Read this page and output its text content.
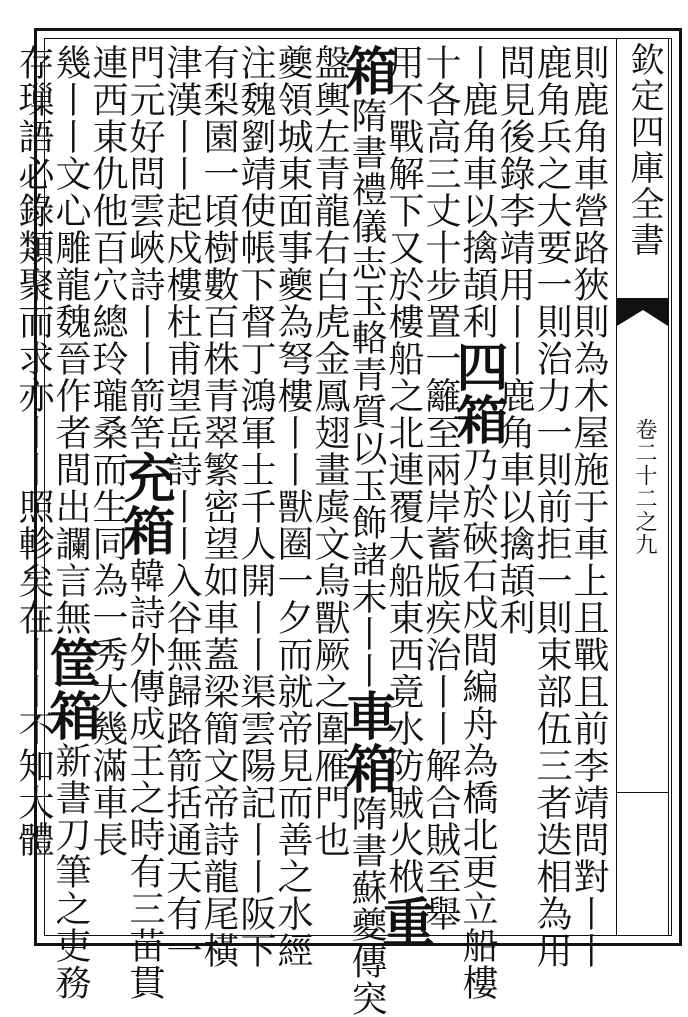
欽定四庫全書
卷二十二之九
則鹿角車營路狹則為木屋施于車上且戰且前李靖問對丨丨
鹿角兵之大要一則治力一則前拒一則束部伍三者迭相為用
問見後錄李靖用丨丨鹿角車以擒頡利
丨鹿角車以擒頡利四箱乃於硤石戍間編舟為橋北更立船樓
十各高三丈十步置一籬至兩岸蓄版疾治丨丨解合賊至舉
用不戰解下又於樓船之北連覆大船東西竟水防賊火栰重
箱隋書禮儀志玉輅青質以玉飾諸末丨丨車箱隋書蘇夔傳突
盤輿左青龍右白虎金鳳翅畫虡文鳥獸厥之圍雁門也
夔領城東面事夔為弩樓丨丨獸圈一夕而就帝見而善之水經
注魏劉靖使帳下督丁鴻軍士千人開丨丨渠雲陽記丨丨阪下
有梨園一頃樹數百株青翠繁密望如車蓋梁簡文帝詩龍尾橫
津漢丨丨起戍樓杜甫望岳詩丨丨入谷無歸路箭括通天有一
門元好問雲峽詩丨丨箭筈充箱韓詩外傳成王之時有三苗貫
連西東仇他百穴總玲瓏桑而生同為一秀大幾滿車長
幾丨丨文心雕龍魏晉作者間出讕言無筐箱新書刀筆之吏務
存璅語必錄類聚而求亦丨丨照軫矣在丨丨不知大體
